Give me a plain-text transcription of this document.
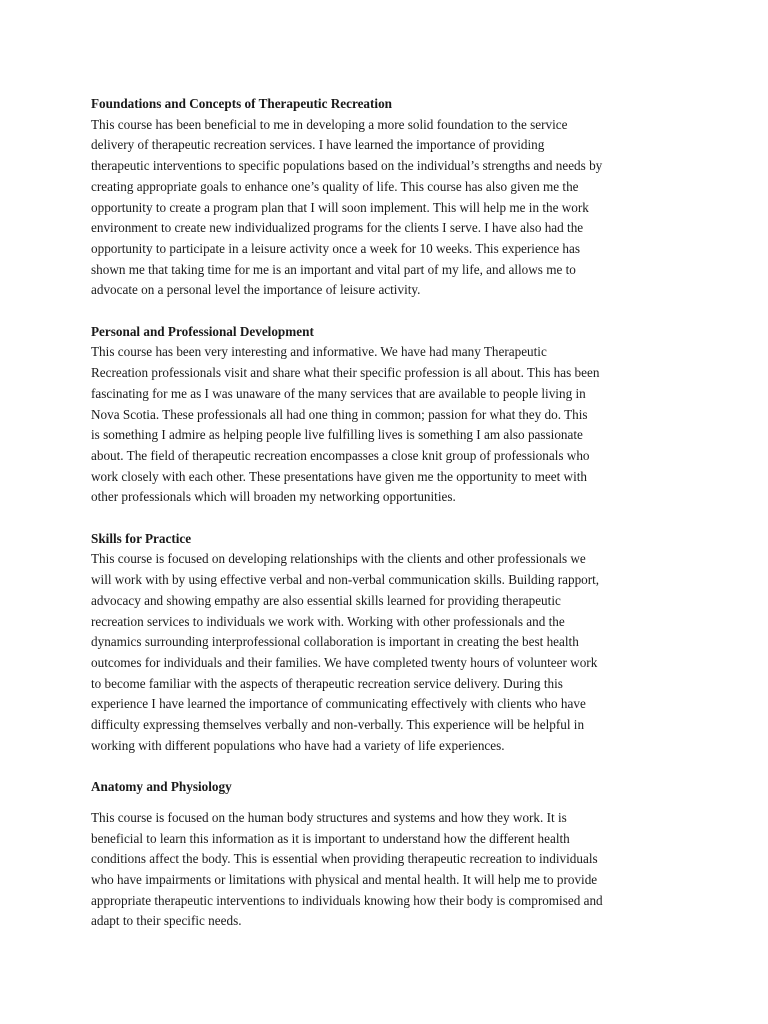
Foundations and Concepts of Therapeutic Recreation
This course has been beneficial to me in developing a more solid foundation to the service
delivery of therapeutic recreation services. I have learned the importance of providing
therapeutic interventions to specific populations based on the individual’s strengths and needs by
creating appropriate goals to enhance one’s quality of life. This course has also given me the
opportunity to create a program plan that I will soon implement. This will help me in the work
environment to create new individualized programs for the clients I serve. I have also had the
opportunity to participate in a leisure activity once a week for 10 weeks. This experience has
shown me that taking time for me is an important and vital part of my life, and allows me to
advocate on a personal level the importance of leisure activity.
Personal and Professional Development
This course has been very interesting and informative. We have had many Therapeutic
Recreation professionals visit and share what their specific profession is all about. This has been
fascinating for me as I was unaware of the many services that are available to people living in
Nova Scotia. These professionals all had one thing in common; passion for what they do. This
is something I admire as helping people live fulfilling lives is something I am also passionate
about. The field of therapeutic recreation encompasses a close knit group of professionals who
work closely with each other. These presentations have given me the opportunity to meet with
other professionals which will broaden my networking opportunities.
Skills for Practice
This course is focused on developing relationships with the clients and other professionals we
will work with by using effective verbal and non-verbal communication skills. Building rapport,
advocacy and showing empathy are also essential skills learned for providing therapeutic
recreation services to individuals we work with. Working with other professionals and the
dynamics surrounding interprofessional collaboration is important in creating the best health
outcomes for individuals and their families. We have completed twenty hours of volunteer work
to become familiar with the aspects of therapeutic recreation service delivery. During this
experience I have learned the importance of communicating effectively with clients who have
difficulty expressing themselves verbally and non-verbally. This experience will be helpful in
working with different populations who have had a variety of life experiences.
Anatomy and Physiology
This course is focused on the human body structures and systems and how they work. It is
beneficial to learn this information as it is important to understand how the different health
conditions affect the body. This is essential when providing therapeutic recreation to individuals
who have impairments or limitations with physical and mental health. It will help me to provide
appropriate therapeutic interventions to individuals knowing how their body is compromised and
adapt to their specific needs.
